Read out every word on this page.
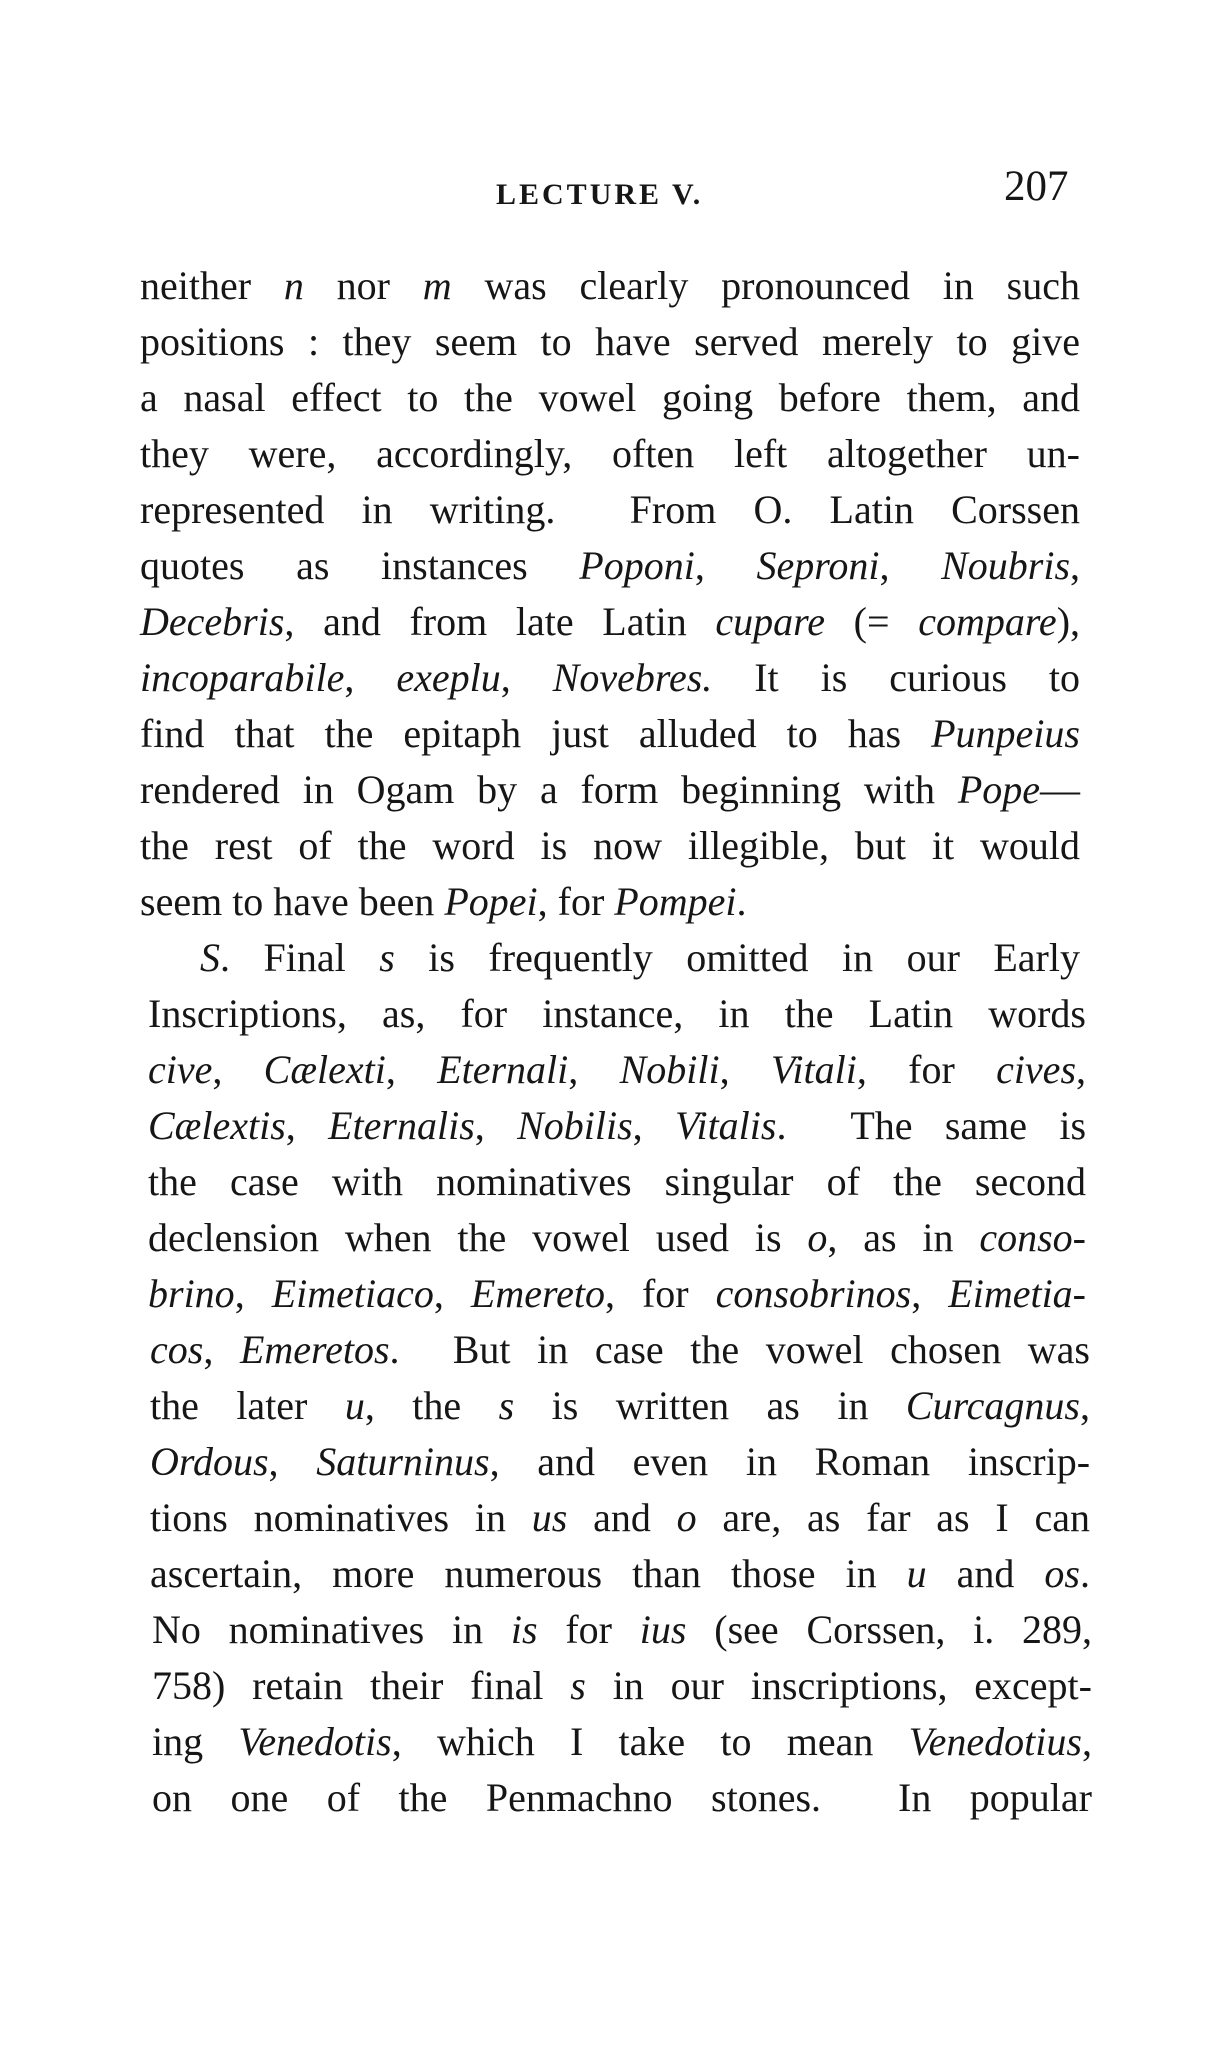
LECTURE V.	207
neither n nor m was clearly pronounced in such
positions : they seem to have served merely to give
a nasal effect to the vowel going before them, and
they were, accordingly, often left altogether un-
represented in writing.  From O. Latin Corssen
quotes as instances Poponi, Seproni, Noubris,
Decebris, and from late Latin cupare (= compare),
incoparabile, exeplu, Novebres. It is curious to
find that the epitaph just alluded to has Punpeius
rendered in Ogam by a form beginning with Pope—
the rest of the word is now illegible, but it would
seem to have been Popei, for Pompei.
S. Final s is frequently omitted in our Early
Inscriptions, as, for instance, in the Latin words
cive, Cælexti, Eternali, Nobili, Vitali, for cives,
Cælextis, Eternalis, Nobilis, Vitalis.  The same is
the case with nominatives singular of the second
declension when the vowel used is o, as in conso-
brino, Eimetiaco, Emereto, for consobrinos, Eimetia-
cos, Emeretos.  But in case the vowel chosen was
the later u, the s is written as in Curcagnus,
Ordous, Saturninus, and even in Roman inscrip-
tions nominatives in us and o are, as far as I can
ascertain, more numerous than those in u and os.
No nominatives in is for ius (see Corssen, i. 289,
758) retain their final s in our inscriptions, except-
ing Venedotis, which I take to mean Venedotius,
on one of the Penmachno stones.  In popular
